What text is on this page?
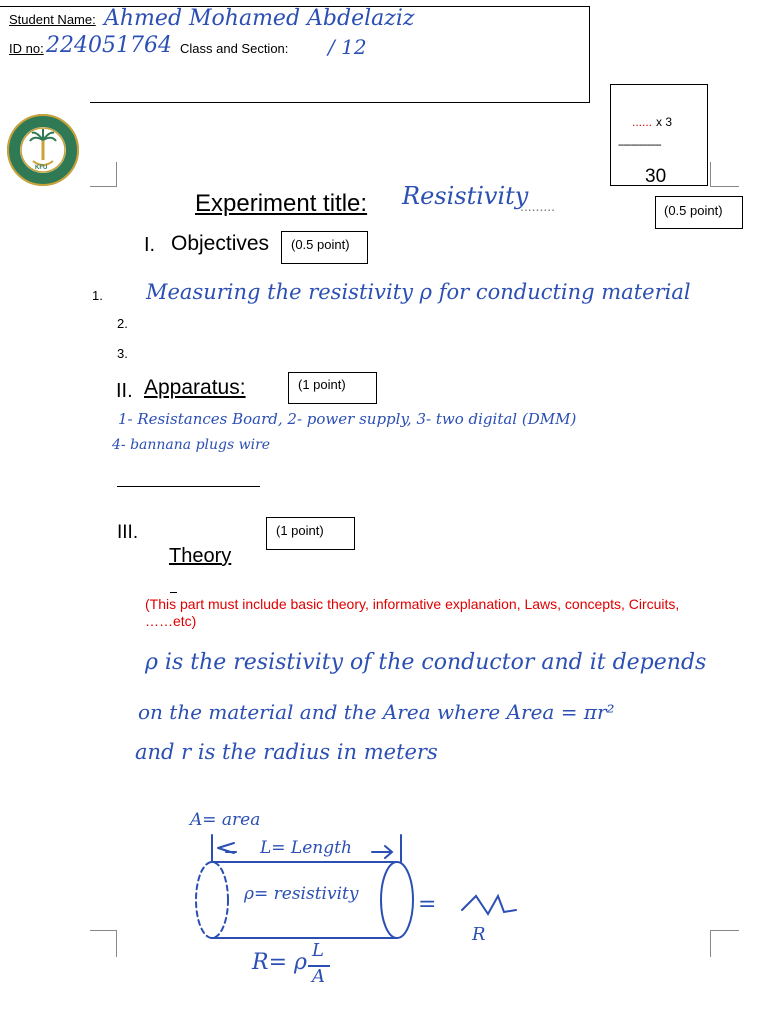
Student Name: Ahmed Mohamed Abdelaziz
ID no: 224051764 Class and Section: / 12
KFU
...... x 3
----------------
30
Experiment title: Resistivity
.........	(0.5 point)
I. Objectives (0.5 point)
1. Measuring the resistivity ρ for conducting material
2.
3.
II. Apparatus:	(1 point)
1- Resistances Board, 2- power supply, 3- two digital (DMM)
4- bannana plugs wire
III.	(1 point)
Theory
(This part must include basic theory, informative explanation, Laws, concepts, Circuits, ……etc)
ρ is the resistivity of the conductor and it depends
on the material and the Area where Area = πr²
and r is the radius in meters
A= area
L= Length
ρ= resistivity	=
R
R= ρ L
A
